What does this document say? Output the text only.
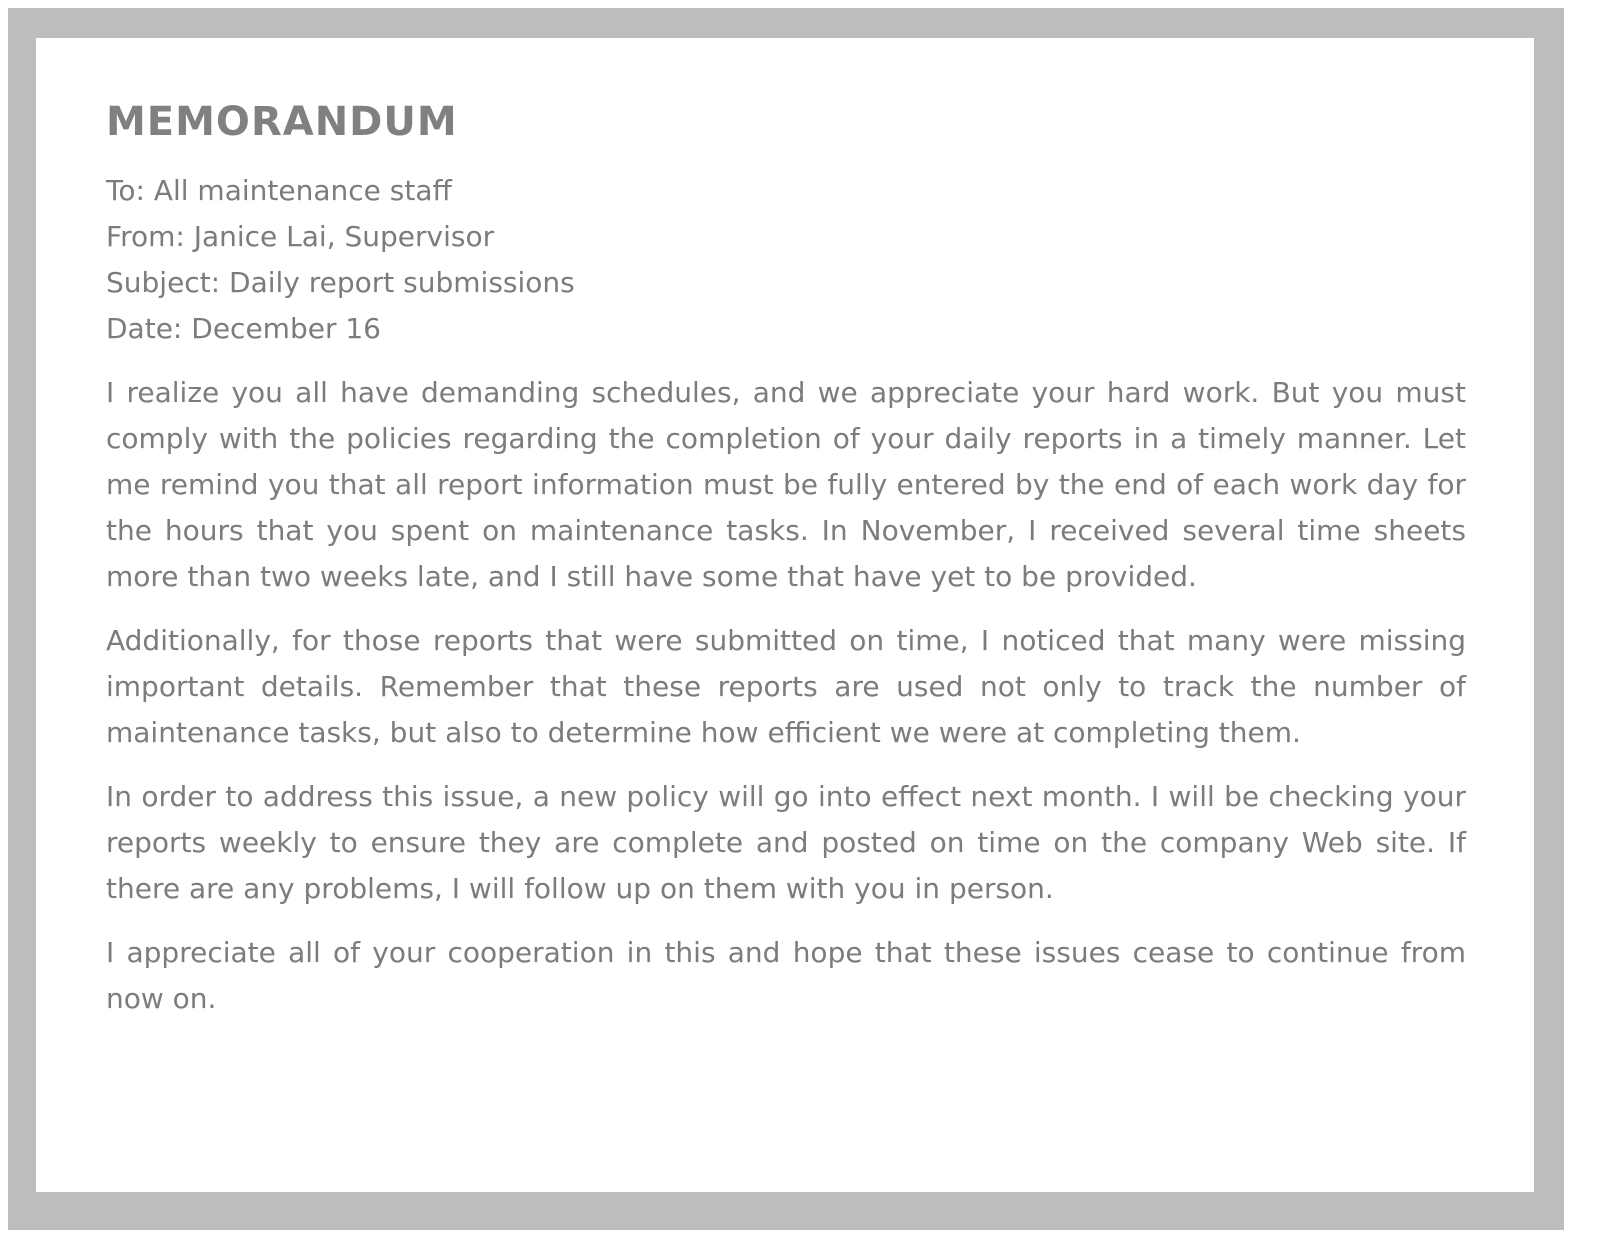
MEMORANDUM

To: All maintenance staff

From: Janice Lai, Supervisor

Subject: Daily report submissions

Date: December 16

I realize you all have demanding schedules, and we appreciate your hard work. But you must comply with the policies regarding the completion of your daily reports in a timely manner. Let me remind you that all report information must be fully entered by the end of each work day for the hours that you spent on maintenance tasks. In November, I received several time sheets more than two weeks late, and I still have some that have yet to be provided.

Additionally, for those reports that were submitted on time, I noticed that many were missing important details. Remember that these reports are used not only to track the number of maintenance tasks, but also to determine how efficient we were at completing them.

In order to address this issue, a new policy will go into effect next month. I will be checking your reports weekly to ensure they are complete and posted on time on the company Web site. If there are any problems, I will follow up on them with you in person.

I appreciate all of your cooperation in this and hope that these issues cease to continue from now on.
